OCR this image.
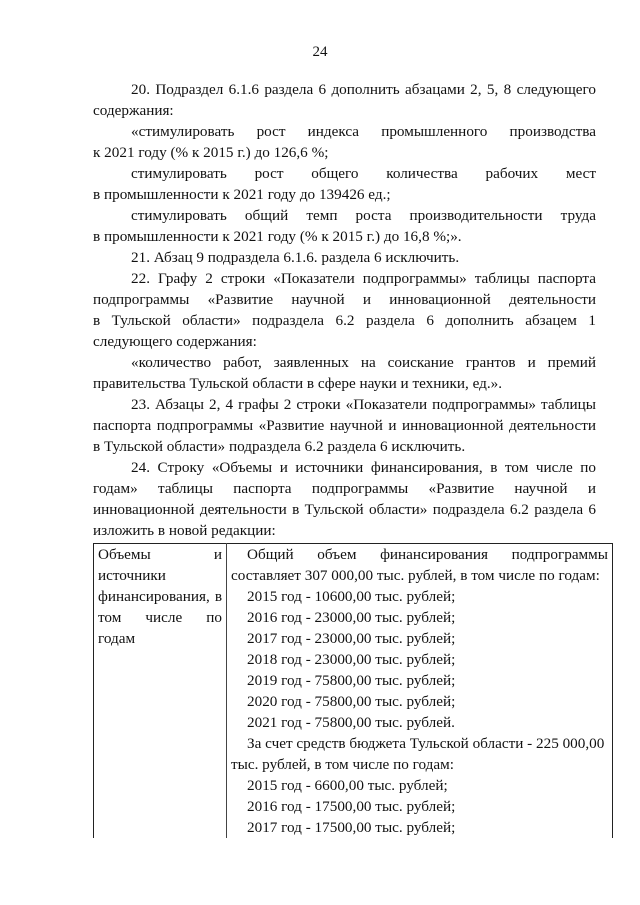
24

20. Подраздел 6.1.6 раздела 6 дополнить абзацами 2, 5, 8 следующего
содержания:

«стимулировать рост индекса промышленного производства
к 2021 году (% к 2015 г.) до 126,6 %;

стимулировать рост общего количества рабочих мест
в промышленности к 2021 году до 139426 ед.;

стимулировать общий темп роста производительности труда
в промышленности к 2021 году (% к 2015 г.) до 16,8 %;».

21. Абзац 9 подраздела 6.1.6. раздела 6 исключить.

22. Графу 2 строки «Показатели подпрограммы» таблицы паспорта
подпрограммы «Развитие научной и инновационной деятельности
в Тульской области» подраздела 6.2 раздела 6 дополнить абзацем 1
следующего содержания:

«количество работ, заявленных на соискание грантов и премий
правительства Тульской области в сфере науки и техники, ед.».

23. Абзацы 2, 4 графы 2 строки «Показатели подпрограммы» таблицы
паспорта подпрограммы «Развитие научной и инновационной деятельности
в Тульской области» подраздела 6.2 раздела 6 исключить.

24. Строку «Объемы и источники финансирования, в том числе по
годам» таблицы паспорта подпрограммы «Развитие научной и
инновационной деятельности в Тульской области» подраздела 6.2 раздела 6
изложить в новой редакции:

Объемы и
источники
финансирования, в
том числе по
годам

Общий объем финансирования подпрограммы
составляет 307 000,00 тыс. рублей, в том числе по годам:
2015 год - 10600,00 тыс. рублей;
2016 год - 23000,00 тыс. рублей;
2017 год - 23000,00 тыс. рублей;
2018 год - 23000,00 тыс. рублей;
2019 год - 75800,00 тыс. рублей;
2020 год - 75800,00 тыс. рублей;
2021 год - 75800,00 тыс. рублей.
За счет средств бюджета Тульской области - 225 000,00
тыс. рублей, в том числе по годам:
2015 год - 6600,00 тыс. рублей;
2016 год - 17500,00 тыс. рублей;
2017 год - 17500,00 тыс. рублей;
